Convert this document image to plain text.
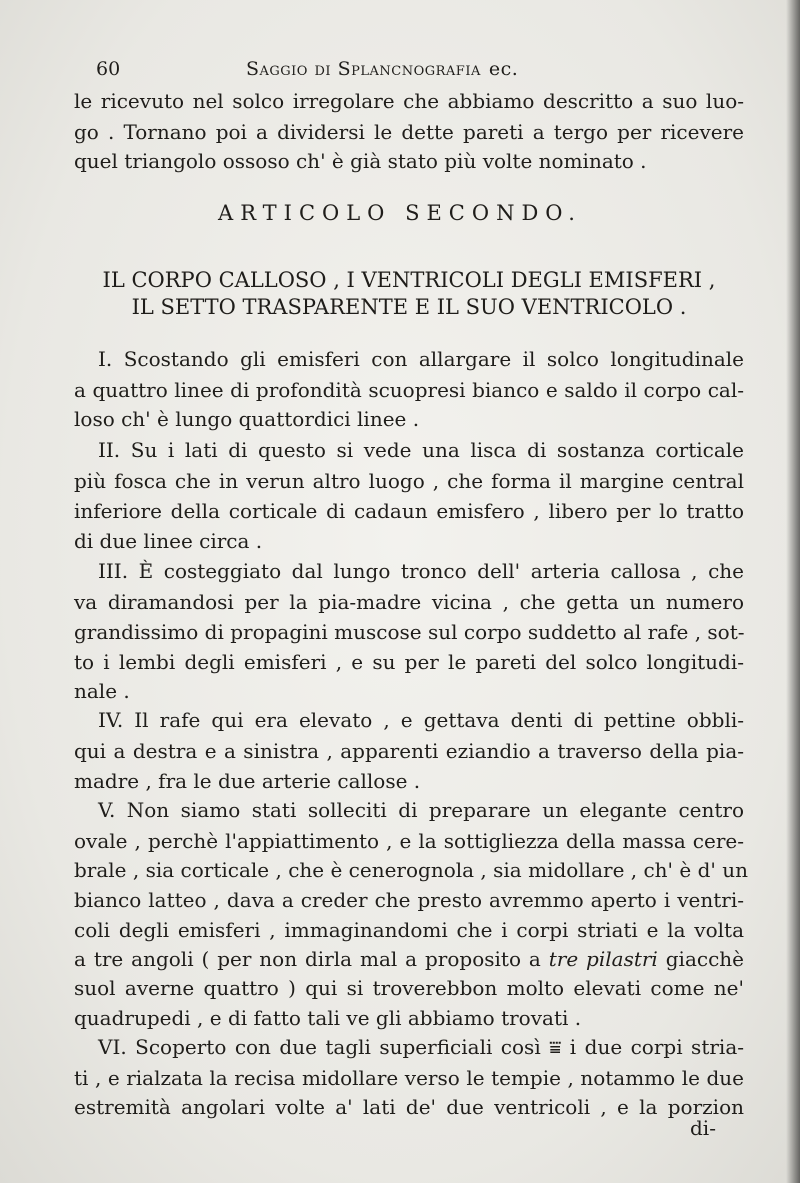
60	Saggio di Splancnografia ec.
le ricevuto nel solco irregolare che abbiamo descritto a suo luo-
go . Tornano poi a dividersi le dette pareti a tergo per ricevere
quel triangolo ossoso ch' è già stato più volte nominato .
ARTICOLO SECONDO.
IL CORPO CALLOSO , I VENTRICOLI DEGLI EMISFERI ,
IL SETTO TRASPARENTE E IL SUO VENTRICOLO .
I. Scostando gli emisferi con allargare il solco longitudinale
a quattro linee di profondità scuopresi bianco e saldo il corpo cal-
loso ch' è lungo quattordici linee .
II. Su i lati di questo si vede una lisca di sostanza corticale
più fosca che in verun altro luogo , che forma il margine central
inferiore della corticale di cadaun emisfero , libero per lo tratto
di due linee circa .
III. È costeggiato dal lungo tronco dell' arteria callosa , che
va diramandosi per la pia-madre vicina , che getta un numero
grandissimo di propagini muscose sul corpo suddetto al rafe , sot-
to i lembi degli emisferi , e su per le pareti del solco longitudi-
nale .
IV. Il rafe qui era elevato , e gettava denti di pettine obbli-
qui a destra e a sinistra , apparenti eziandio a traverso della pia-
madre , fra le due arterie callose .
V. Non siamo stati solleciti di preparare un elegante centro
ovale , perchè l'appiattimento , e la sottigliezza della massa cere-
brale , sia corticale , che è cenerognola , sia midollare , ch' è d' un
bianco latteo , dava a creder che presto avremmo aperto i ventri-
coli degli emisferi , immaginandomi che i corpi striati e la volta
a tre angoli ( per non dirla mal a proposito a tre pilastri giacchè
suol averne quattro ) qui si troverebbon molto elevati come ne'
quadrupedi , e di fatto tali ve gli abbiamo trovati .
VI. Scoperto con due tagli superficiali così ⩸ i due corpi stria-
ti , e rialzata la recisa midollare verso le tempie , notammo le due
estremità angolari volte a' lati de' due ventricoli , e la porzion
di-
